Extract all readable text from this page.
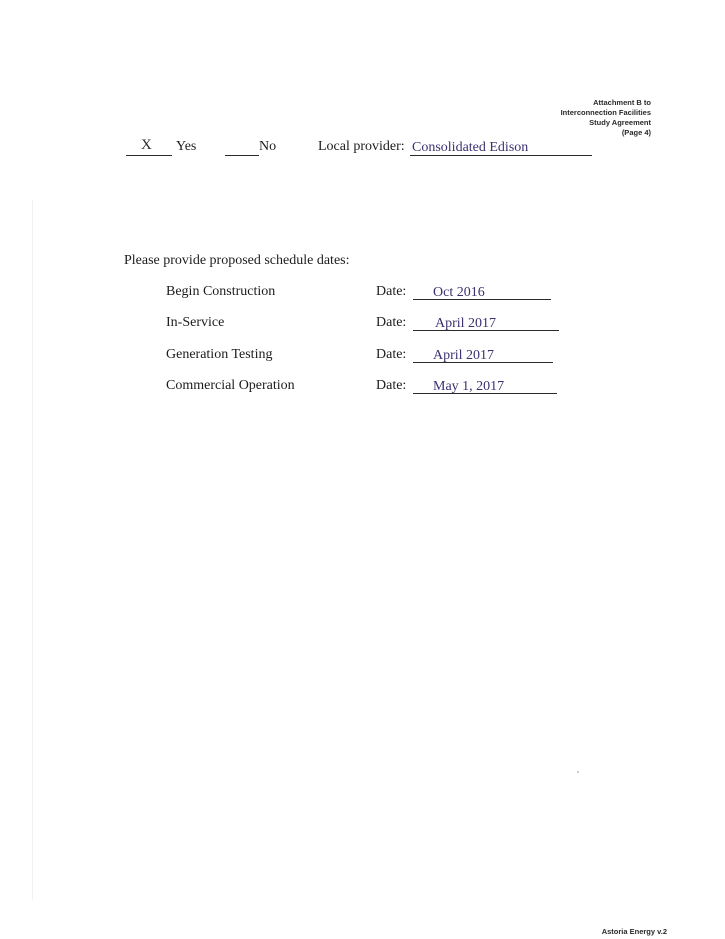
Attachment B to
Interconnection Facilities
Study Agreement
(Page 4)
X Yes	No	Local provider: Consolidated Edison
Please provide proposed schedule dates:
Begin Construction	Date: Oct 2016
In-Service	Date: April 2017
Generation Testing	Date: April 2017
Commercial Operation	Date: May 1, 2017
Astoria Energy v.2
